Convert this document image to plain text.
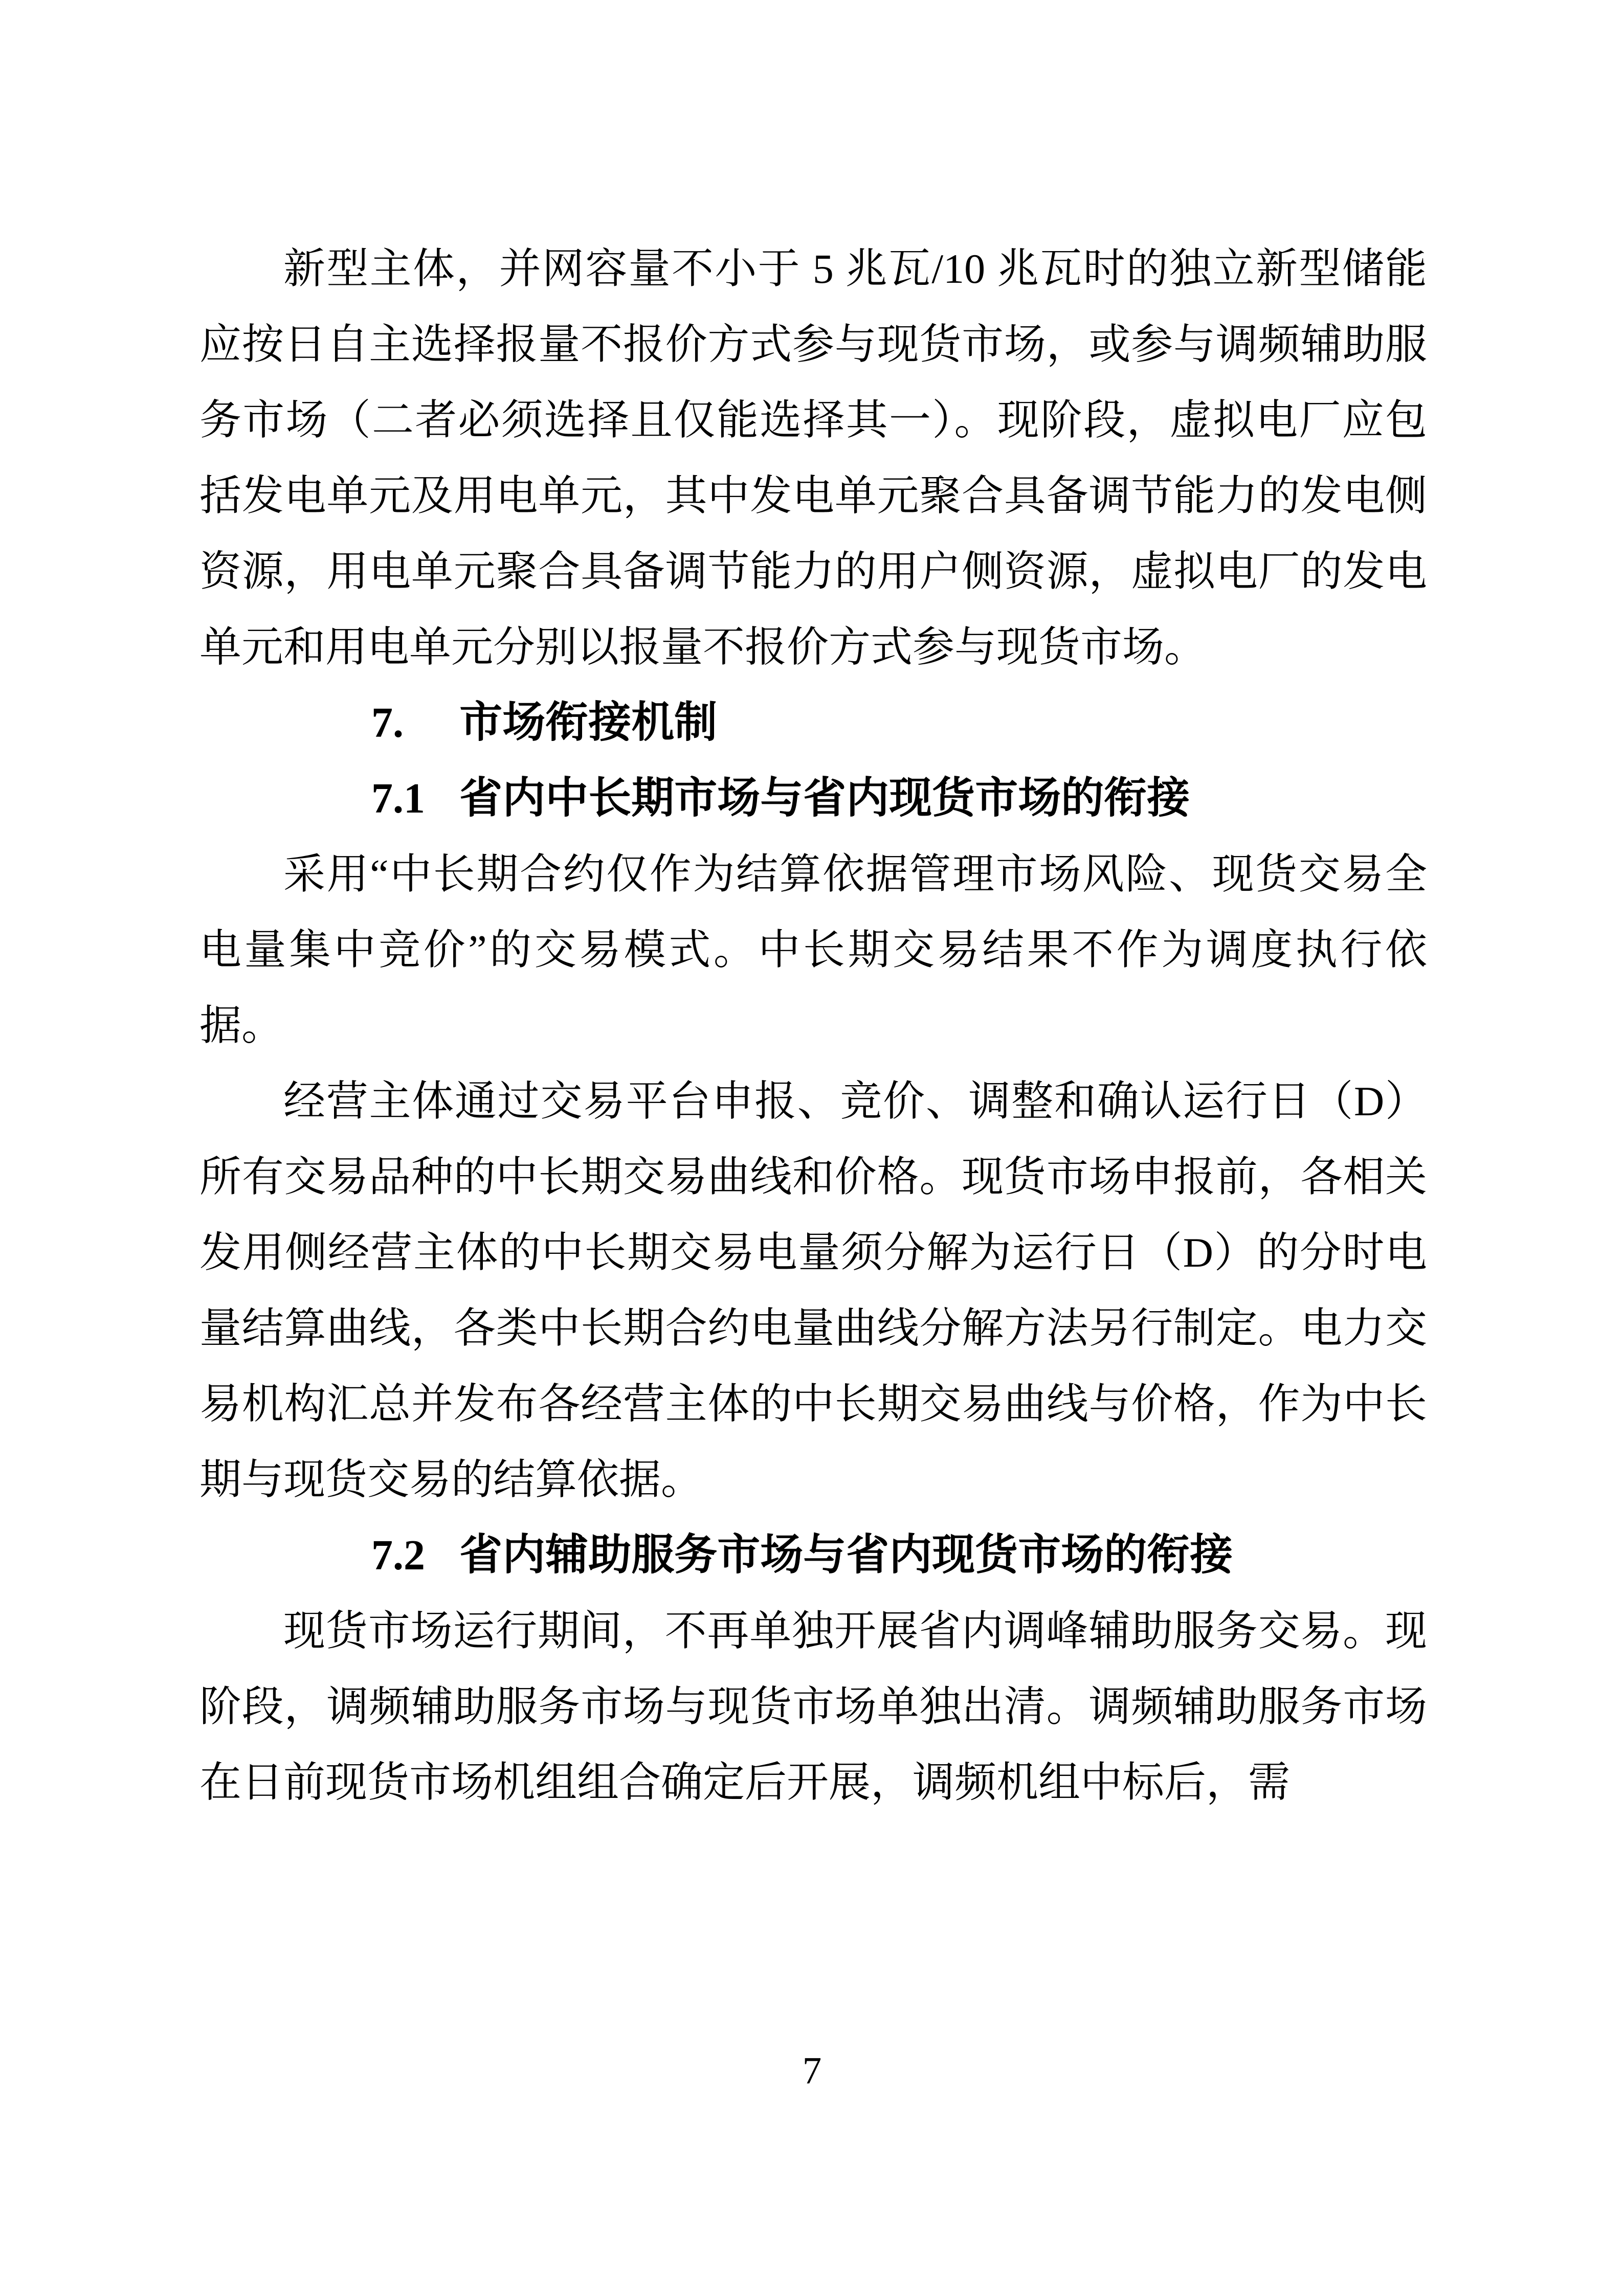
新型主体，并网容量不小于 5 兆瓦/10 兆瓦时的独立新型储能应按日自主选择报量不报价方式参与现货市场，或参与调频辅助服务市场（二者必须选择且仅能选择其一）。现阶段，虚拟电厂应包括发电单元及用电单元，其中发电单元聚合具备调节能力的发电侧资源，用电单元聚合具备调节能力的用户侧资源，虚拟电厂的发电单元和用电单元分别以报量不报价方式参与现货市场。

7. 市场衔接机制
7.1 省内中长期市场与省内现货市场的衔接

采用“中长期合约仅作为结算依据管理市场风险、现货交易全电量集中竞价”的交易模式。中长期交易结果不作为调度执行依据。

经营主体通过交易平台申报、竞价、调整和确认运行日（D）所有交易品种的中长期交易曲线和价格。现货市场申报前，各相关发用侧经营主体的中长期交易电量须分解为运行日（D）的分时电量结算曲线，各类中长期合约电量曲线分解方法另行制定。电力交易机构汇总并发布各经营主体的中长期交易曲线与价格，作为中长期与现货交易的结算依据。

7.2 省内辅助服务市场与省内现货市场的衔接

现货市场运行期间，不再单独开展省内调峰辅助服务交易。现阶段，调频辅助服务市场与现货市场单独出清。调频辅助服务市场在日前现货市场机组组合确定后开展，调频机组中标后，需

7
